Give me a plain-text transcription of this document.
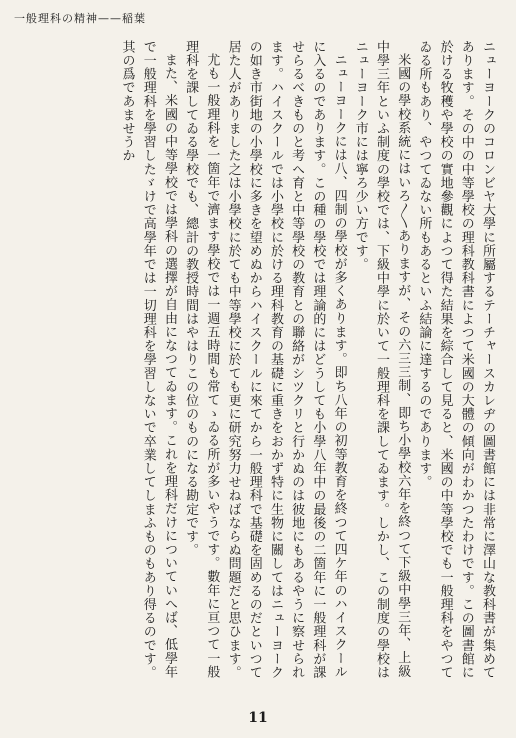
一般理科の精神——稲葉

ニューヨークのコロンビヤ大學に所屬するテーチャースカレヂの圖書館には非常に澤山な教科書が集めてあります。その中の中等學校の理科教科書によつて米國の大體の傾向がわかつたわけです。この圖書館に於ける牧穫や學校の實地參觀によつて得た結果を綜合して見ると、米國の中等學校でも一般理科をやつてゐる所もあり、やつてゐない所もあるといふ結論に達するのであります。

米國の學校系統にはいろ〳〵ありますが、その六三三制、即ち小學校六年を終つて下級中學三年、上級中學三年といふ制度の學校では、下級中學に於いて一般理科を課してゐます。しかし、この制度の學校はニューヨーク市には寧ろ少い方です。

ニューヨークには八、四制の學校が多くあります。即ち八年の初等教育を終つて四ケ年のハイスクールに入るのであります。この種の學校では理論的にはどうしても小學八年中の最後の二箇年に一般理科が課せらるべきものと考へ育と中等學校の教育との聯絡がシツクリと行かぬのは彼地にもあるやうに察せられます。ハイスクールでは小學校に於ける理科教育の基礎に重きをおかず特に生物に關してはニューヨークの如き市街地の小學校に多きを望めぬからハイスクールに來てから一般理科で基礎を固めるのだといつて居た人がありました之は小學校に於ても中等學校に於ても更に研究努力せねばならぬ問題だと思ひます。

尤も一般理科を一箇年で濟ます學校では一週五時間も常てゝゐる所が多いやうです。數年に亘つて一般理科を課してゐる學校でも、總計の教授時間はやはりこの位のものになる勘定です。

また、米國の中等學校では學科の選擇が自由になつてゐます。これを理科だけについていへば、低學年で一般理科を學習したゞけで高學年では一切理科を學習しないで卒業してしまふものもあり得るのです。其の爲であませうか

11
